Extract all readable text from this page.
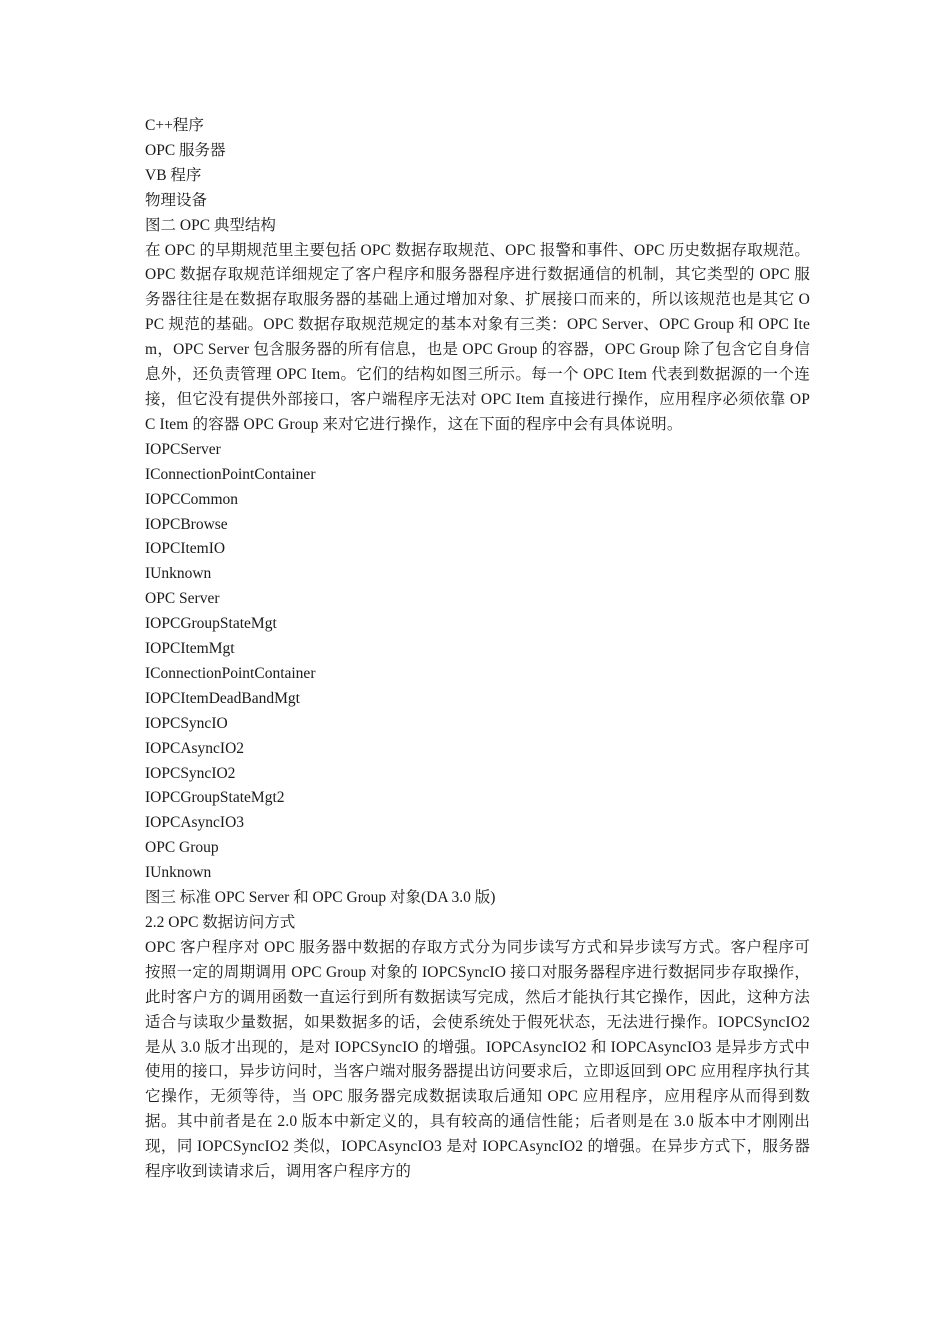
C++程序
OPC 服务器
VB 程序
物理设备
图二 OPC 典型结构
在 OPC 的早期规范里主要包括 OPC 数据存取规范、OPC 报警和事件、OPC 历史数据存取规范。OPC 数据存取规范详细规定了客户程序和服务器程序进行数据通信的机制，其它类型的 OPC 服务器往往是在数据存取服务器的基础上通过增加对象、扩展接口而来的，所以该规范也是其它 OPC 规范的基础。OPC 数据存取规范规定的基本对象有三类：OPC Server、OPC Group 和 OPC Item，OPC Server 包含服务器的所有信息，也是 OPC Group 的容器，OPC Group 除了包含它自身信息外，还负责管理 OPC Item。它们的结构如图三所示。每一个 OPC Item 代表到数据源的一个连接，但它没有提供外部接口，客户端程序无法对 OPC Item 直接进行操作，应用程序必须依靠 OPC Item 的容器 OPC Group 来对它进行操作，这在下面的程序中会有具体说明。
IOPCServer
IConnectionPointContainer
IOPCCommon
IOPCBrowse
IOPCItemIO
IUnknown
OPC Server
IOPCGroupStateMgt
IOPCItemMgt
IConnectionPointContainer
IOPCItemDeadBandMgt
IOPCSyncIO
IOPCAsyncIO2
IOPCSyncIO2
IOPCGroupStateMgt2
IOPCAsyncIO3
OPC Group
IUnknown
图三 标准 OPC Server 和 OPC Group 对象(DA 3.0 版)
2.2 OPC 数据访问方式
OPC 客户程序对 OPC 服务器中数据的存取方式分为同步读写方式和异步读写方式。客户程序可按照一定的周期调用 OPC Group 对象的 IOPCSyncIO 接口对服务器程序进行数据同步存取操作，此时客户方的调用函数一直运行到所有数据读写完成，然后才能执行其它操作，因此，这种方法适合与读取少量数据，如果数据多的话，会使系统处于假死状态，无法进行操作。IOPCSyncIO2 是从 3.0 版才出现的，是对 IOPCSyncIO 的增强。IOPCAsyncIO2 和 IOPCAsyncIO3 是异步方式中使用的接口，异步访问时，当客户端对服务器提出访问要求后，立即返回到 OPC 应用程序执行其它操作，无须等待，当 OPC 服务器完成数据读取后通知 OPC 应用程序，应用程序从而得到数据。其中前者是在 2.0 版本中新定义的，具有较高的通信性能；后者则是在 3.0 版本中才刚刚出现，同 IOPCSyncIO2 类似，IOPCAsyncIO3 是对 IOPCAsyncIO2 的增强。在异步方式下，服务器程序收到读请求后，调用客户程序方的
